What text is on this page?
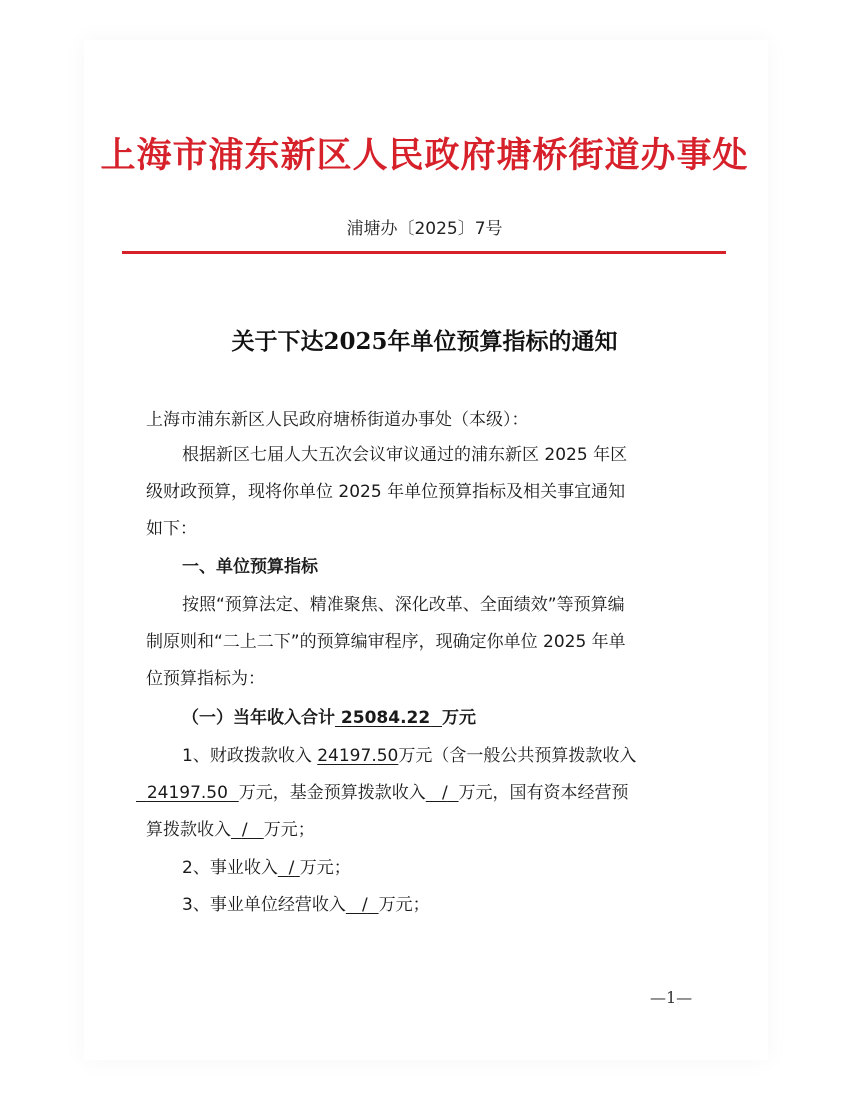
上海市浦东新区人民政府塘桥街道办事处
浦塘办〔2025〕7号
关于下达2025年单位预算指标的通知
上海市浦东新区人民政府塘桥街道办事处（本级）：
根据新区七届人大五次会议审议通过的浦东新区 2025 年区
级财政预算，现将你单位 2025 年单位预算指标及相关事宜通知
如下：
一、单位预算指标
按照“预算法定、精准聚焦、深化改革、全面绩效”等预算编
制原则和“二上二下”的预算编审程序，现确定你单位 2025 年单
位预算指标为：
（一）当年收入合计 25084.22 万元
1、财政拨款收入 24197.50万元（含一般公共预算拨款收入
24197.50 万元，基金预算拨款收入 / 万元，国有资本经营预
算拨款收入 / 万元；
2、事业收入 / 万元；
3、事业单位经营收入 / 万元；
—1—
